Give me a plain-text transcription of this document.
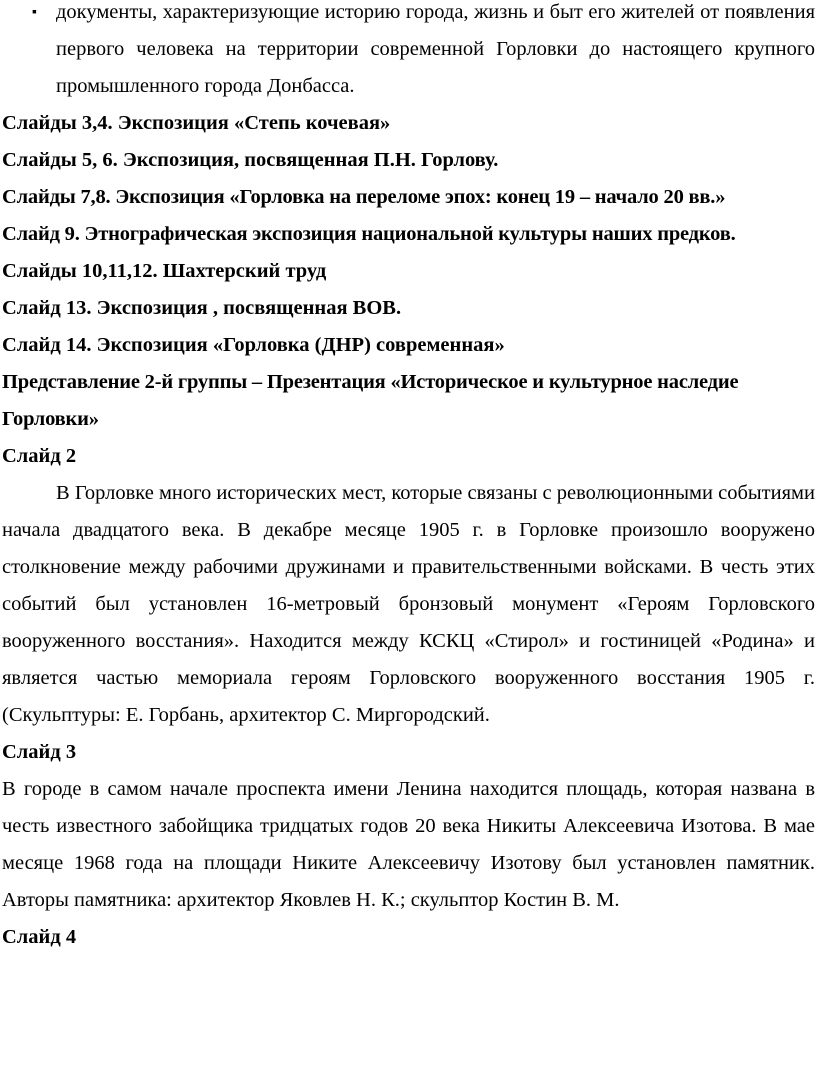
▪ документы, характеризующие историю города, жизнь и быт его жителей от появления первого человека на территории современной Горловки до настоящего крупного промышленного города Донбасса.

Слайды 3,4. Экспозиция «Степь кочевая»

Слайды 5, 6. Экспозиция, посвященная П.Н. Горлову.

Слайды 7,8. Экспозиция «Горловка на переломе эпох: конец 19 – начало 20 вв.»

Слайд 9. Этнографическая экспозиция национальной культуры наших предков.

Слайды 10,11,12. Шахтерский труд

Слайд 13. Экспозиция , посвященная ВОВ.

Слайд 14. Экспозиция «Горловка (ДНР) современная»

Представление 2-й группы – Презентация «Историческое и культурное наследие Горловки»

Слайд 2

В Горловке много исторических мест, которые связаны с революционными событиями начала двадцатого века. В декабре месяце 1905 г. в Горловке произошло вооружено столкновение между рабочими дружинами и правительственными войсками. В честь этих событий был установлен 16-метровый бронзовый монумент «Героям Горловского вооруженного восстания». Находится между КСКЦ «Стирол» и гостиницей «Родина» и является частью мемориала героям Горловского вооруженного восстания 1905 г. (Скульптуры: Е. Горбань, архитектор С. Миргородский.

Слайд 3

В городе в самом начале проспекта имени Ленина находится площадь, которая названа в честь известного забойщика тридцатых годов 20 века Никиты Алексеевича Изотова. В мае месяце 1968 года на площади Никите Алексеевичу Изотову был установлен памятник. Авторы памятника: архитектор Яковлев Н. К.; скульптор Костин В. М.

Слайд 4
